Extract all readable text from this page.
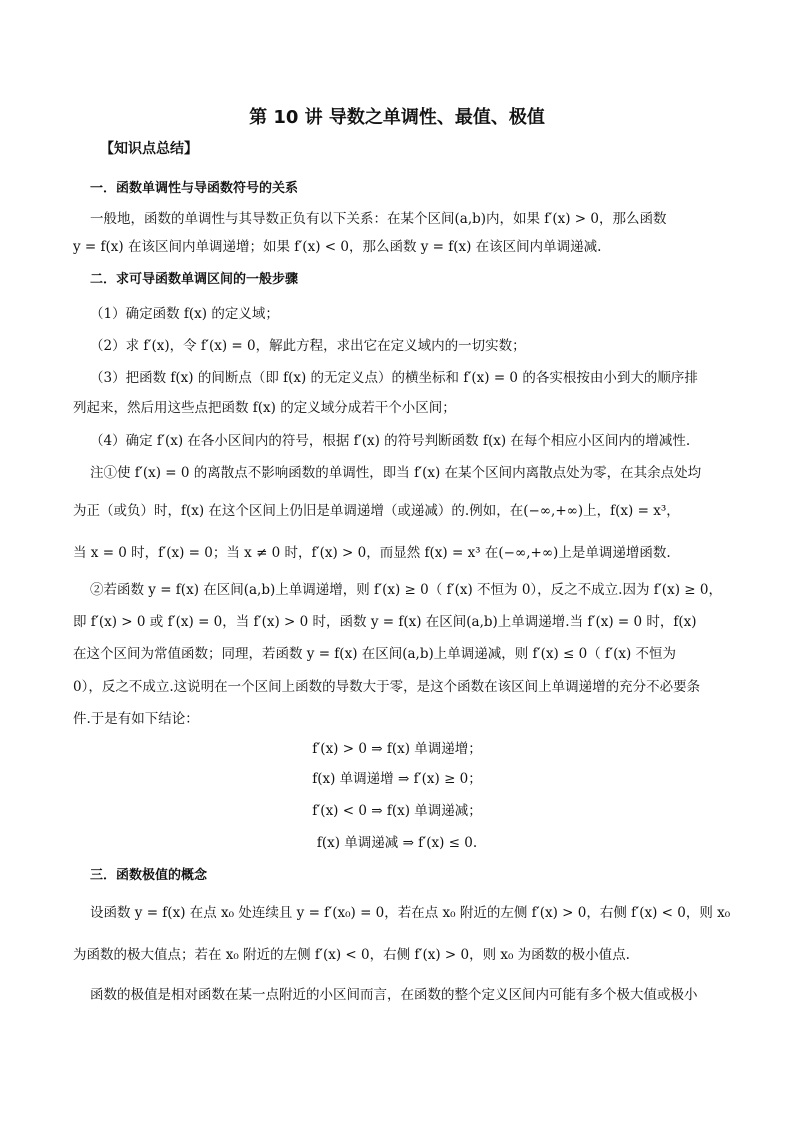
第 10 讲 导数之单调性、最值、极值
【知识点总结】
一．函数单调性与导函数符号的关系
一般地，函数的单调性与其导数正负有以下关系：在某个区间(a,b)内，如果 f′(x) > 0，那么函数
y = f(x) 在该区间内单调递增；如果 f′(x) < 0，那么函数 y = f(x) 在该区间内单调递减.
二．求可导函数单调区间的一般步骤
（1）确定函数 f(x) 的定义域；
（2）求 f′(x)，令 f′(x) = 0，解此方程，求出它在定义域内的一切实数；
（3）把函数 f(x) 的间断点（即 f(x) 的无定义点）的横坐标和 f′(x) = 0 的各实根按由小到大的顺序排
列起来，然后用这些点把函数 f(x) 的定义域分成若干个小区间；
（4）确定 f′(x) 在各小区间内的符号，根据 f′(x) 的符号判断函数 f(x) 在每个相应小区间内的增减性.
注①使 f′(x) = 0 的离散点不影响函数的单调性，即当 f′(x) 在某个区间内离散点处为零，在其余点处均
为正（或负）时，f(x) 在这个区间上仍旧是单调递增（或递减）的.例如，在(−∞,+∞)上，f(x) = x³，
当 x = 0 时，f′(x) = 0；当 x ≠ 0 时，f′(x) > 0，而显然 f(x) = x³ 在(−∞,+∞)上是单调递增函数.
②若函数 y = f(x) 在区间(a,b)上单调递增，则 f′(x) ≥ 0（ f′(x) 不恒为 0），反之不成立.因为 f′(x) ≥ 0，
即 f′(x) > 0 或 f′(x) = 0，当 f′(x) > 0 时，函数 y = f(x) 在区间(a,b)上单调递增.当 f′(x) = 0 时，f(x)
在这个区间为常值函数；同理，若函数 y = f(x) 在区间(a,b)上单调递减，则 f′(x) ≤ 0（ f′(x) 不恒为
0），反之不成立.这说明在一个区间上函数的导数大于零，是这个函数在该区间上单调递增的充分不必要条
件.于是有如下结论：
f′(x) > 0 ⇒ f(x) 单调递增；
f(x) 单调递增 ⇒ f′(x) ≥ 0；
f′(x) < 0 ⇒ f(x) 单调递减；
f(x) 单调递减 ⇒ f′(x) ≤ 0.
三．函数极值的概念
设函数 y = f(x) 在点 x₀ 处连续且 y = f′(x₀) = 0，若在点 x₀ 附近的左侧 f′(x) > 0，右侧 f′(x) < 0，则 x₀
为函数的极大值点；若在 x₀ 附近的左侧 f′(x) < 0，右侧 f′(x) > 0，则 x₀ 为函数的极小值点.
函数的极值是相对函数在某一点附近的小区间而言，在函数的整个定义区间内可能有多个极大值或极小
